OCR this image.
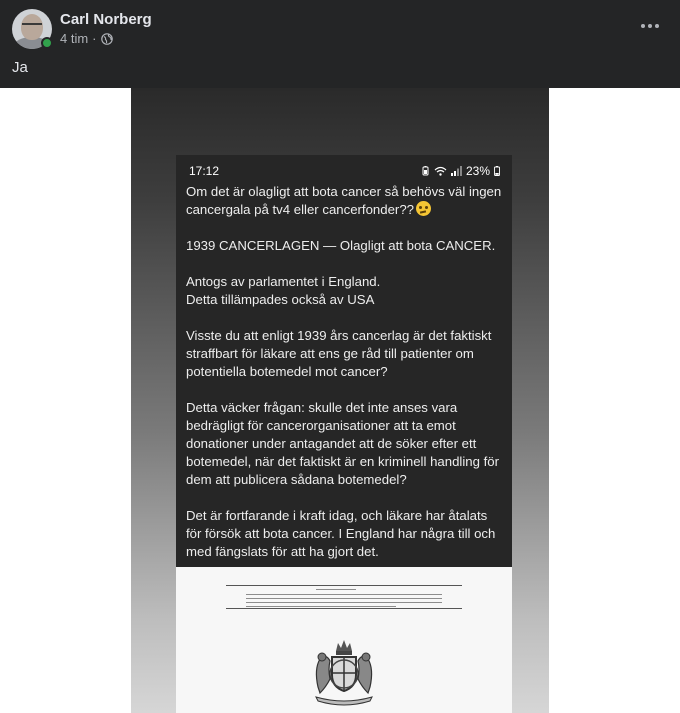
Carl Norberg
4 tim ·
Ja
17:12	23%

Om det är olagligt att bota cancer så behövs väl ingen cancergala på tv4 eller cancerfonder??

1939 CANCERLAGEN — Olagligt att bota CANCER.

Antogs av parlamentet i England.
Detta tillämpades också av USA

Visste du att enligt 1939 års cancerlag är det faktiskt straffbart för läkare att ens ge råd till patienter om potentiella botemedel mot cancer?

Detta väcker frågan: skulle det inte anses vara bedrägligt för cancerorganisationer att ta emot donationer under antagandet att de söker efter ett botemedel, när det faktiskt är en kriminell handling för dem att publicera sådana botemedel?

Det är fortfarande i kraft idag, och läkare har åtalats för försök att bota cancer. I England har några till och med fängslats för att ha gjort det.
